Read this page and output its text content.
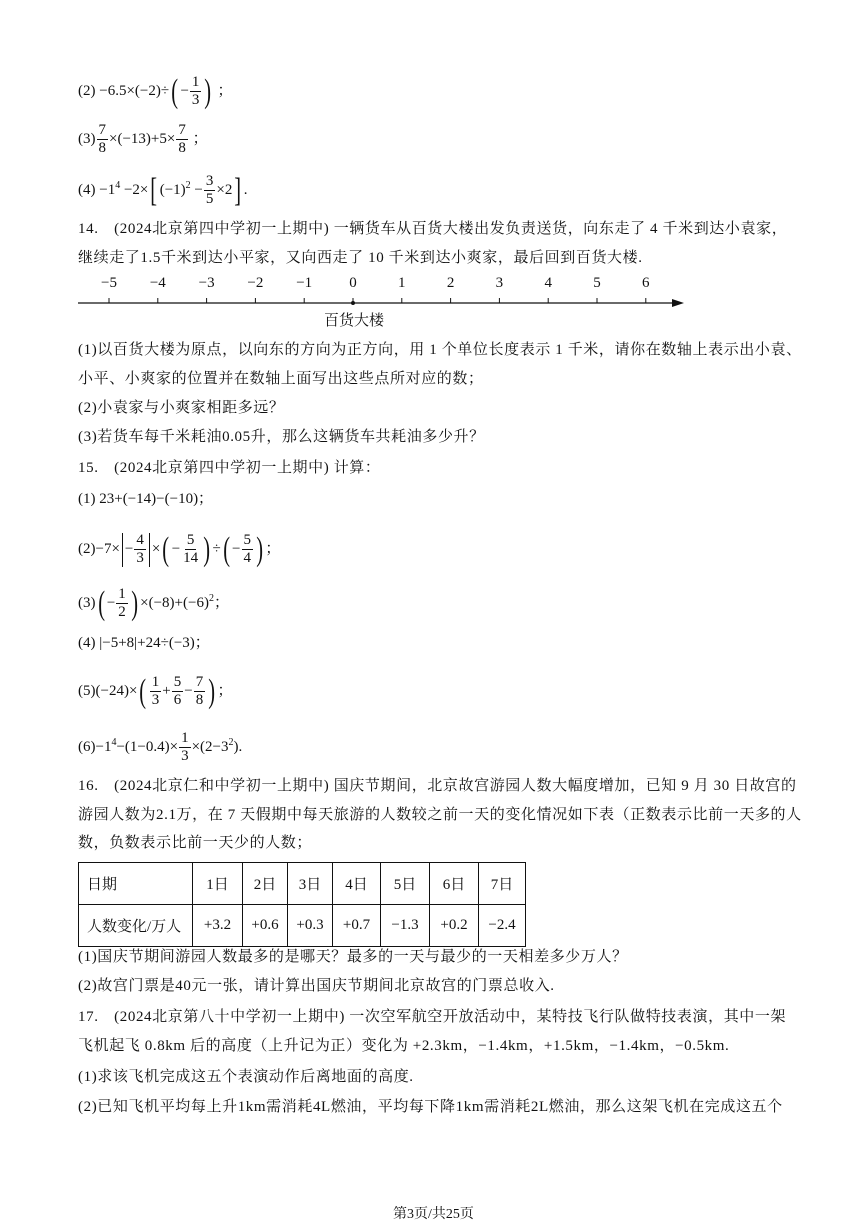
$(2) -6.5\times(-2)\div( - \frac{1}{3}$ ) ；
$(3) \frac{7}{8} \times(-13)+5\times \frac{7}{8}$ ；
$(4) -1^4 -2\times$[ $(-1)^2 - \frac{3}{5} \times 2$] .
14.　(2024北京第四中学初一上期中) 一辆货车从百货大楼出发负责送货，向东走了 4 千米到达小袁家，
继续走了1.5千米到达小平家，又向西走了 10 千米到达小爽家，最后回到百货大楼.
−5 −4 −3 −2 −1	0	1	2	3	4	5	6
百货大楼
(1)以百货大楼为原点，以向东的方向为正方向，用 1 个单位长度表示 1 千米，请你在数轴上表示出小袁、
小平、小爽家的位置并在数轴上面写出这些点所对应的数；
(2)小袁家与小爽家相距多远？
(3)若货车每千米耗油0.05升，那么这辆货车共耗油多少升？
15.　(2024北京第四中学初一上期中) 计算：
(1) 23+(−14)−(−10)；
$(2)-7\times - \frac{4}{3}$ ×( − $\frac{5}{14}$ ) ÷( − $\frac{5}{4}$ ) ；
$(3)( - \frac{1}{2}$ ) $\times(-8)+(-6)^2$；
(4) |−5+8|+24÷(−3)；
$(5)(-24)\times( \frac{1}{3} + \frac{5}{6} - \frac{7}{8}$ ) ；
$(6)-1^4-(1-0.4)\times \frac{1}{3} \times(2-3^2)$.
16.　(2024北京仁和中学初一上期中) 国庆节期间，北京故宫游园人数大幅度增加，已知 9 月 30 日故宫的
游园人数为2.1万，在 7 天假期中每天旅游的人数较之前一天的变化情况如下表（正数表示比前一天多的人
日期	1日	2日	3日	4日	5日	6日	7日
人数变化/万人	+3.2	+0.6	+0.3	+0.7	−1.3	+0.2	−2.4
(1)国庆节期间游园人数最多的是哪天？最多的一天与最少的一天相差多少万人？
(2)故宫门票是40元一张，请计算出国庆节期间北京故宫的门票总收入.
17.　(2024北京第八十中学初一上期中) 一次空军航空开放活动中，某特技飞行队做特技表演，其中一架
飞机起飞 0.8km 后的高度（上升记为正）变化为 +2.3km，−1.4km，+1.5km，−1.4km，−0.5km.
(1)求该飞机完成这五个表演动作后离地面的高度.
(2)已知飞机平均每上升1km需消耗4L燃油，平均每下降1km需消耗2L燃油，那么这架飞机在完成这五个
第3页/共25页
数，负数表示比前一天少的人数；
